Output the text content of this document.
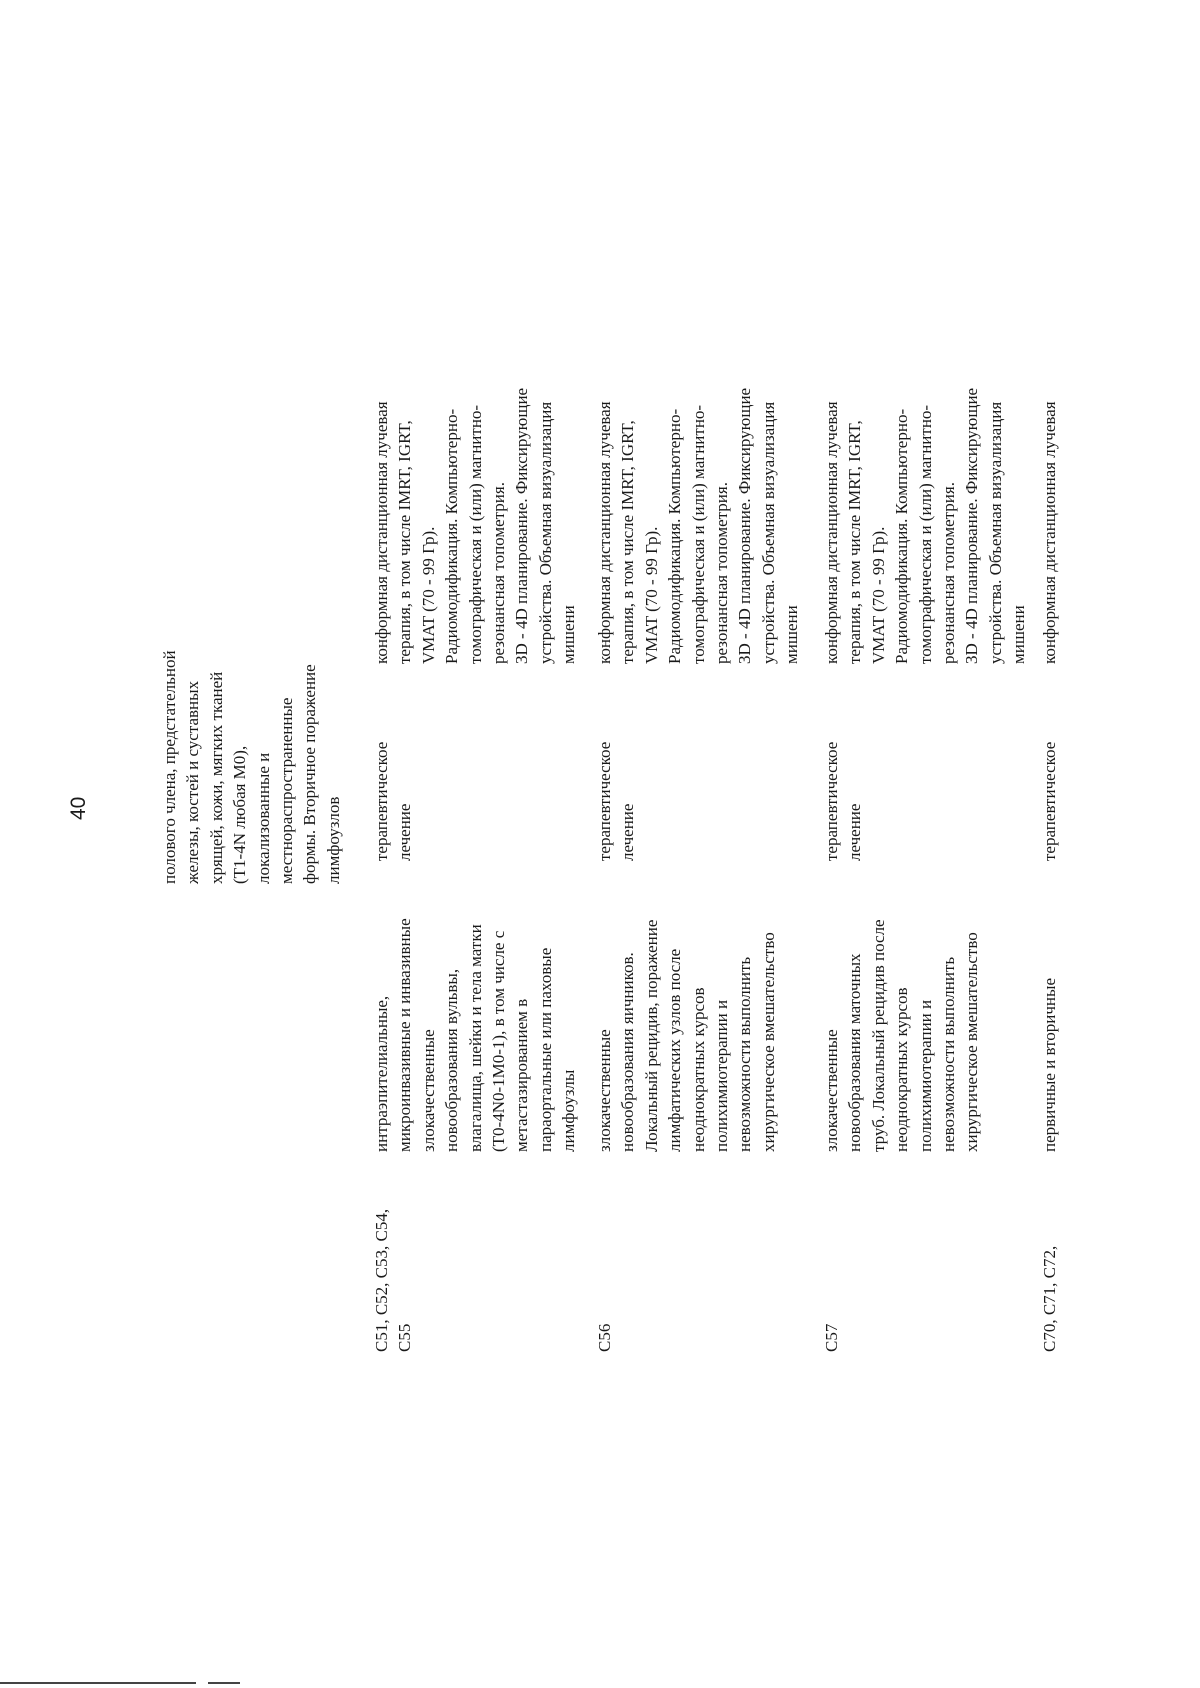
40

полового члена, предстательной
железы, костей и суставных
хрящей, кожи, мягких тканей
(T1-4N любая M0),
локализованные и
местнораспространенные
формы. Вторичное поражение
лимфоузлов

C51, C52, C53, C54,
C55

интраэпителиальные,
микроинвазивные и инвазивные
злокачественные
новообразования вульвы,
влагалища, шейки и тела матки
(T0-4N0-1M0-1), в том числе с
метастазированием в
параортальные или паховые
лимфоузлы

терапевтическое
лечение

конформная дистанционная лучевая
терапия, в том числе IMRT, IGRT,
VMAT (70 - 99 Гр).
Радиомодификация. Компьютерно-
томографическая и (или) магнитно-
резонансная топометрия.
3D - 4D планирование. Фиксирующие
устройства. Объемная визуализация
мишени

C56

злокачественные
новообразования яичников.
Локальный рецидив, поражение
лимфатических узлов после
неоднократных курсов
полихимиотерапии и
невозможности выполнить
хирургическое вмешательство

терапевтическое
лечение

конформная дистанционная лучевая
терапия, в том числе IMRT, IGRT,
VMAT (70 - 99 Гр).
Радиомодификация. Компьютерно-
томографическая и (или) магнитно-
резонансная топометрия.
3D - 4D планирование. Фиксирующие
устройства. Объемная визуализация
мишени

C57

злокачественные
новообразования маточных
труб. Локальный рецидив после
неоднократных курсов
полихимиотерапии и
невозможности выполнить
хирургическое вмешательство

терапевтическое
лечение

конформная дистанционная лучевая
терапия, в том числе IMRT, IGRT,
VMAT (70 - 99 Гр).
Радиомодификация. Компьютерно-
томографическая и (или) магнитно-
резонансная топометрия.
3D - 4D планирование. Фиксирующие
устройства. Объемная визуализация
мишени

C70, C71, C72,

первичные и вторичные

терапевтическое

конформная дистанционная лучевая
